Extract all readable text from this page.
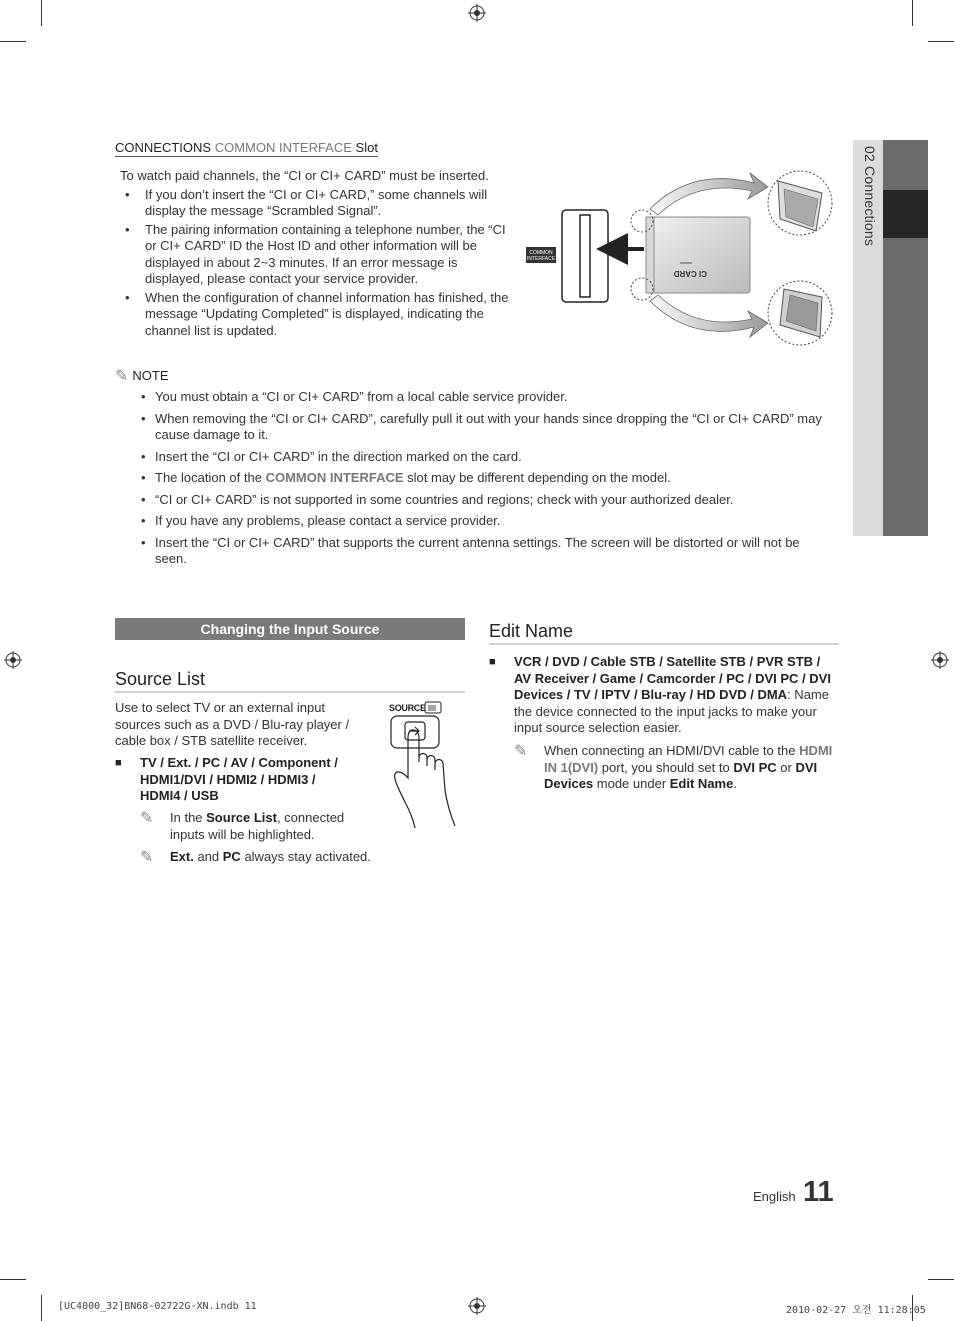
02 Connections
CONNECTIONS COMMON INTERFACE Slot
To watch paid channels, the “CI or CI+ CARD” must be inserted.
• If you don’t insert the “CI or CI+ CARD,” some channels will display the message “Scrambled Signal”.
• The pairing information containing a telephone number, the “CI or CI+ CARD” ID the Host ID and other information will be displayed in about 2~3 minutes. If an error message is displayed, please contact your service provider.
• When the configuration of channel information has finished, the message “Updating Completed” is displayed, indicating the channel list is updated.
COMMON
INTERFACE
CI CARD
✎ NOTE
• You must obtain a “CI or CI+ CARD” from a local cable service provider.
• When removing the “CI or CI+ CARD”, carefully pull it out with your hands since dropping the “CI or CI+ CARD” may cause damage to it.
• Insert the “CI or CI+ CARD” in the direction marked on the card.
• The location of the COMMON INTERFACE slot may be different depending on the model.
• “CI or CI+ CARD” is not supported in some countries and regions; check with your authorized dealer.
• If you have any problems, please contact a service provider.
• Insert the “CI or CI+ CARD” that supports the current antenna settings. The screen will be distorted or will not be seen.
Changing the Input Source
Source List
Use to select TV or an external input sources such as a DVD / Blu-ray player / cable box / STB satellite receiver.
■ TV / Ext. / PC / AV / Component / HDMI1/DVI / HDMI2 / HDMI3 / HDMI4 / USB
✎ In the Source List, connected inputs will be highlighted.
✎ Ext. and PC always stay activated.
SOURCE
Edit Name
■ VCR / DVD / Cable STB / Satellite STB / PVR STB / AV Receiver / Game / Camcorder / PC / DVI PC / DVI Devices / TV / IPTV / Blu-ray / HD DVD / DMA: Name the device connected to the input jacks to make your input source selection easier.
✎ When connecting an HDMI/DVI cable to the HDMI IN 1(DVI) port, you should set to DVI PC or DVI Devices mode under Edit Name.
English 11
[UC4000_32]BN68-02722G-XN.indb 11	2010-02-27 오전 11:28:05
